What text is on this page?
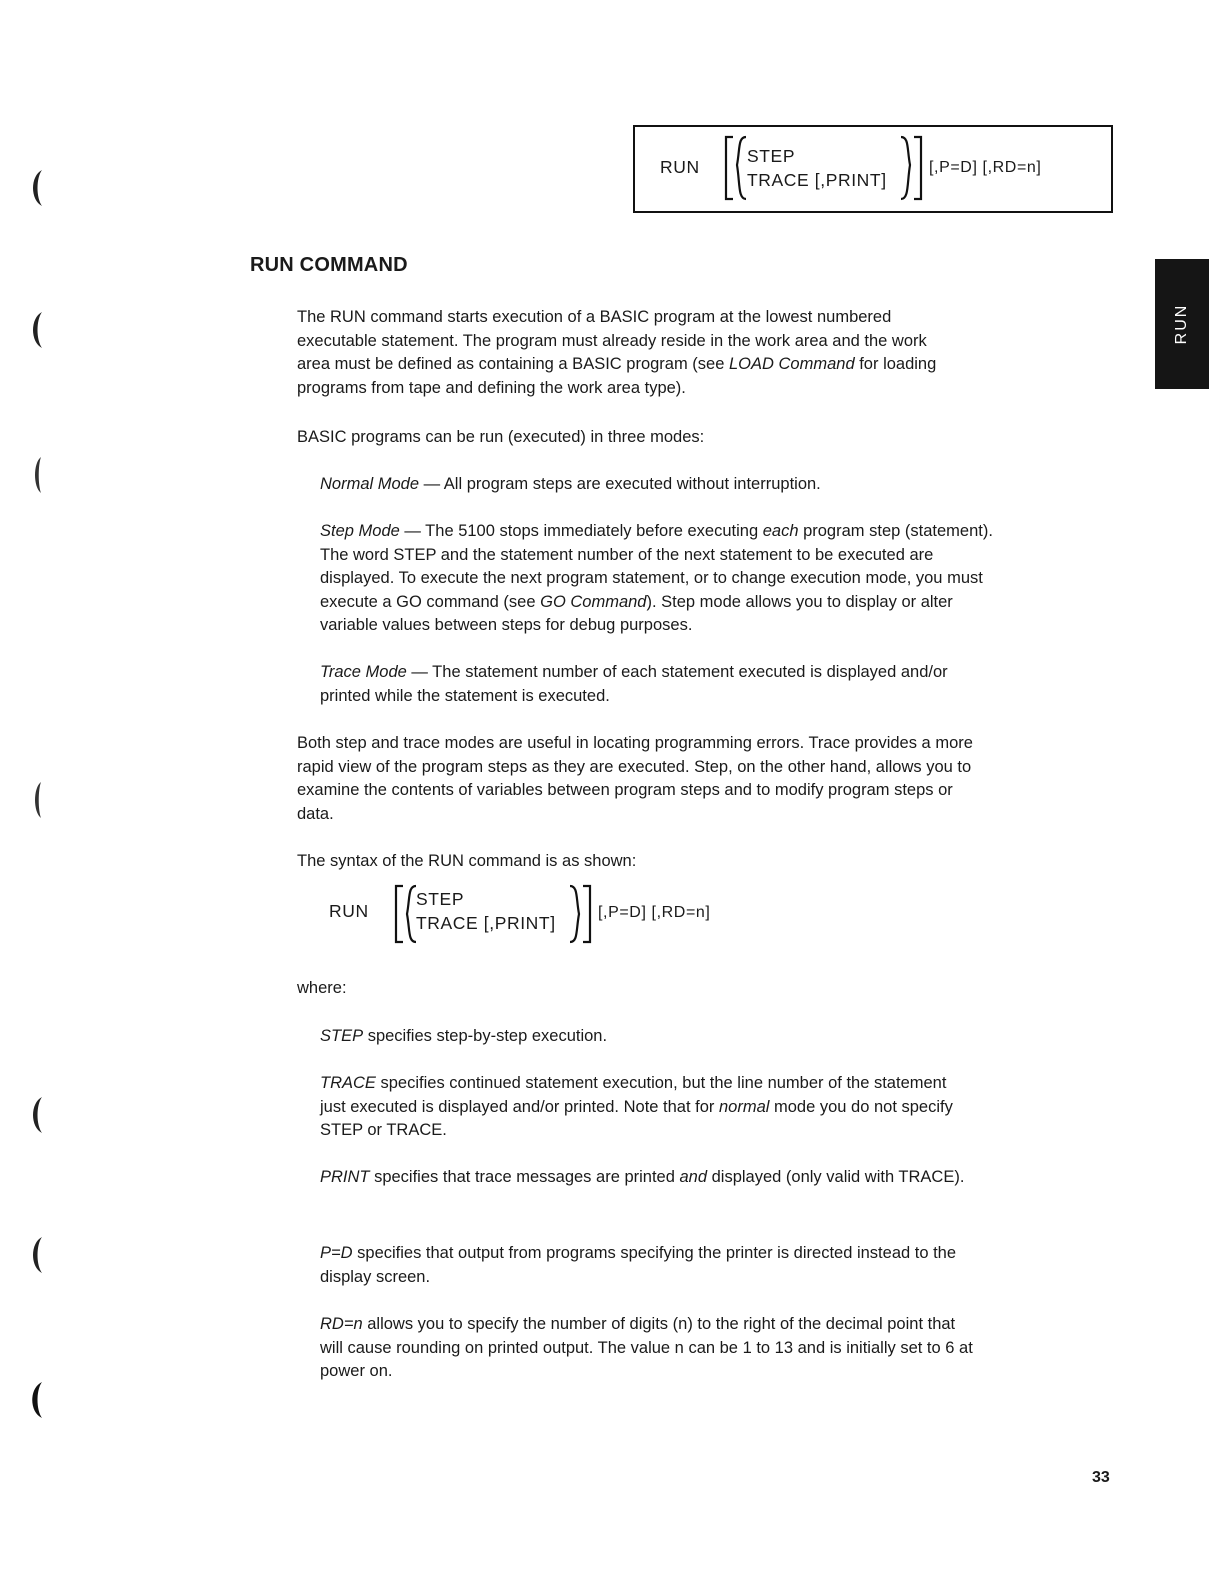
RUN
STEP
TRACE [,PRINT]
[,P=D] [,RD=n]
RUN
RUN COMMAND
The RUN command starts execution of a BASIC program at the lowest numbered executable statement. The program must already reside in the work area and the work area must be defined as containing a BASIC program (see LOAD Command for loading programs from tape and defining the work area type).
BASIC programs can be run (executed) in three modes:
Normal Mode — All program steps are executed without interruption.
Step Mode — The 5100 stops immediately before executing each program step (statement). The word STEP and the statement number of the next statement to be executed are displayed. To execute the next program statement, or to change execution mode, you must execute a GO command (see GO Command). Step mode allows you to display or alter variable values between steps for debug purposes.
Trace Mode — The statement number of each statement executed is displayed and/or printed while the statement is executed.
Both step and trace modes are useful in locating programming errors. Trace provides a more rapid view of the program steps as they are executed. Step, on the other hand, allows you to examine the contents of variables between program steps and to modify program steps or data.
The syntax of the RUN command is as shown:
RUN
STEP
TRACE [,PRINT]
[,P=D] [,RD=n]
where:
STEP specifies step-by-step execution.
TRACE specifies continued statement execution, but the line number of the statement just executed is displayed and/or printed. Note that for normal mode you do not specify STEP or TRACE.
PRINT specifies that trace messages are printed and displayed (only valid with TRACE).
P=D specifies that output from programs specifying the printer is directed instead to the display screen.
RD=n allows you to specify the number of digits (n) to the right of the decimal point that will cause rounding on printed output. The value n can be 1 to 13 and is initially set to 6 at power on.
33
